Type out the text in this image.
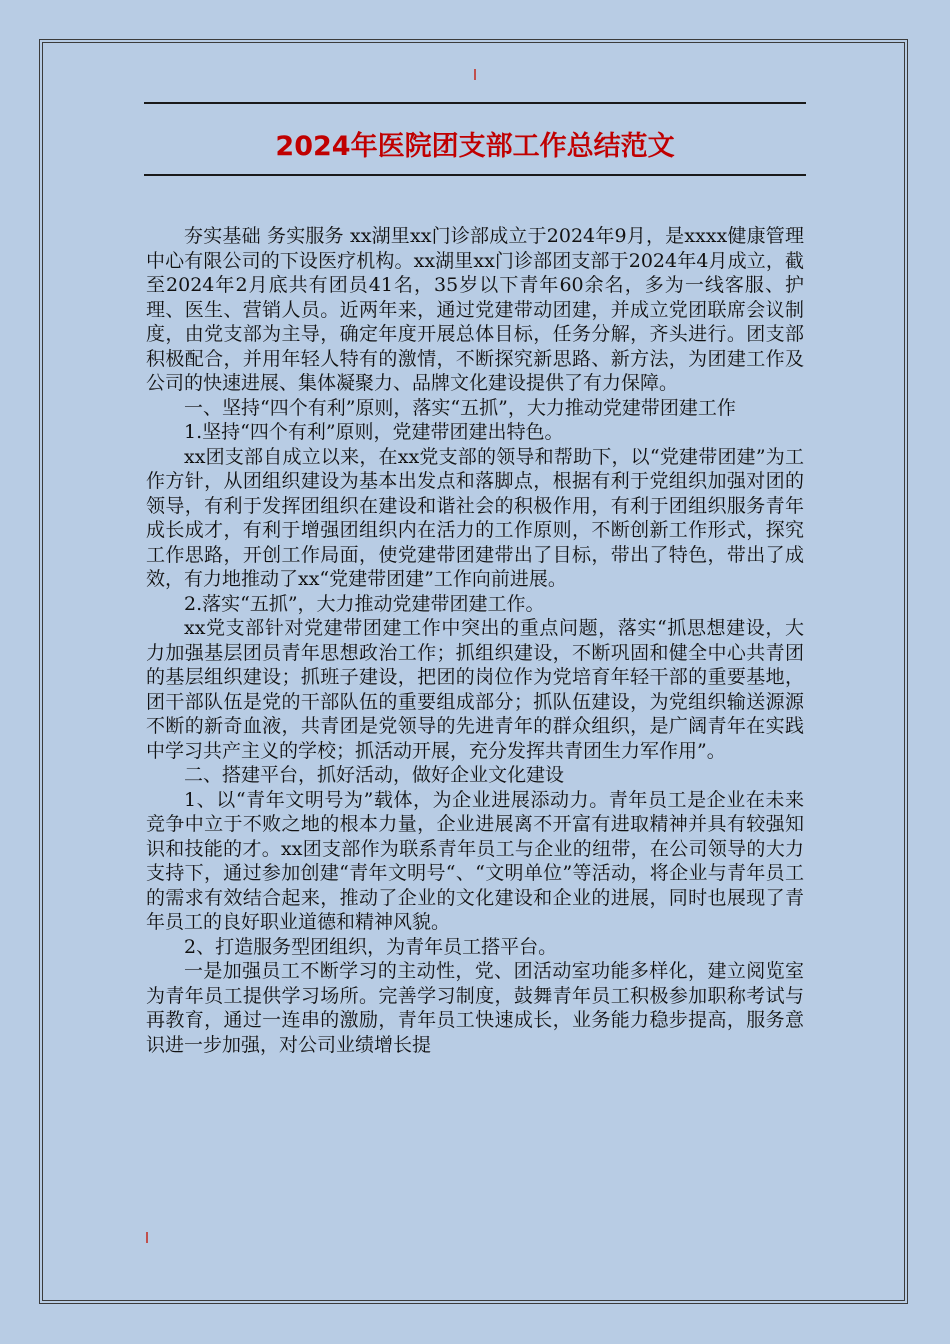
2024年医院团支部工作总结范文

夯实基础 务实服务 xx湖里xx门诊部成立于2024年9月，是xxxx健康管理中心有限公司的下设医疗机构。xx湖里xx门诊部团支部于2024年4月成立，截至2024年2月底共有团员41名，35岁以下青年60余名，多为一线客服、护理、医生、营销人员。近两年来，通过党建带动团建，并成立党团联席会议制度，由党支部为主导，确定年度开展总体目标，任务分解，齐头进行。团支部积极配合，并用年轻人特有的激情，不断探究新思路、新方法，为团建工作及公司的快速进展、集体凝聚力、品牌文化建设提供了有力保障。

一、坚持“四个有利”原则，落实“五抓”，大力推动党建带团建工作

1.坚持“四个有利”原则，党建带团建出特色。

xx团支部自成立以来，在xx党支部的领导和帮助下，以“党建带团建”为工作方针，从团组织建设为基本出发点和落脚点，根据有利于党组织加强对团的领导，有利于发挥团组织在建设和谐社会的积极作用，有利于团组织服务青年成长成才，有利于增强团组织内在活力的工作原则，不断创新工作形式，探究工作思路，开创工作局面，使党建带团建带出了目标，带出了特色，带出了成效，有力地推动了xx“党建带团建”工作向前进展。

2.落实“五抓”，大力推动党建带团建工作。

xx党支部针对党建带团建工作中突出的重点问题，落实“抓思想建设，大力加强基层团员青年思想政治工作；抓组织建设，不断巩固和健全中心共青团的基层组织建设；抓班子建设，把团的岗位作为党培育年轻干部的重要基地，团干部队伍是党的干部队伍的重要组成部分；抓队伍建设，为党组织输送源源不断的新奇血液，共青团是党领导的先进青年的群众组织，是广阔青年在实践中学习共产主义的学校；抓活动开展，充分发挥共青团生力军作用”。

二、搭建平台，抓好活动，做好企业文化建设

1、以“青年文明号为”载体，为企业进展添动力。青年员工是企业在未来竞争中立于不败之地的根本力量，企业进展离不开富有进取精神并具有较强知识和技能的才。xx团支部作为联系青年员工与企业的纽带，在公司领导的大力支持下，通过参加创建“青年文明号“、“文明单位”等活动，将企业与青年员工的需求有效结合起来，推动了企业的文化建设和企业的进展，同时也展现了青年员工的良好职业道德和精神风貌。

2、打造服务型团组织，为青年员工搭平台。

一是加强员工不断学习的主动性，党、团活动室功能多样化，建立阅览室为青年员工提供学习场所。完善学习制度，鼓舞青年员工积极参加职称考试与再教育，通过一连串的激励，青年员工快速成长，业务能力稳步提高，服务意识进一步加强，对公司业绩增长提
